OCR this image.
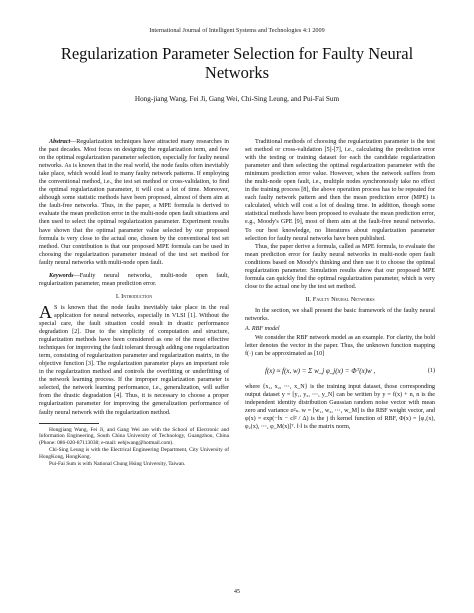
International Journal of Intelligent Systems and Technologies 4:1 2009
Regularization Parameter Selection for Faulty Neural Networks
Hong-jiang Wang, Fei Ji, Gang Wei, Chi-Sing Leung, and Pui-Fai Sum

Abstract—Regularization techniques have attracted many researches in the past decades. Most focus on designing the regularization term, and few on the optimal regularization parameter selection, especially for faulty neural networks. As is known that in the real world, the node faults often inevitably take place, which would lead to many faulty network patterns. If employing the conventional method, i.e., the test set method or cross-validation, to find the optimal regularization parameter, it will cost a lot of time. Moreover, although some statistic methods have been proposed, almost of them aim at the fault-free networks. Thus, in the paper, a MPE formula is derived to evaluate the mean prediction error in the multi-node open fault situations and then used to select the optimal regularization parameter. Experiment results have shown that the optimal parameter value selected by our proposed formula is very close to the actual one, chosen by the conventional test set method. Our contribution is that our proposed MPE formula can be used in choosing the regularization parameter instead of the test set method for faulty neural networks with multi-node open fault.

Keywords—Faulty neural networks, multi-node open fault, regularization parameter, mean prediction error.

I. Introduction

A S is known that the node faults inevitably take place in the real application for neural networks, especially in VLSI [1]. Without the special care, the fault situation could result in drastic performance degradation [2]. Due to the simplicity of computation and structure, regularization methods have been considered as one of the most effective techniques for improving the fault tolerant through adding one regularization term, consisting of regularization parameter and regularization matrix, in the objective function [3]. The regularization parameter plays an important role in the regularization method and controls the overfitting or underfitting of the network learning process. If the improper regularization parameter is selected, the network learning performance, i.e., generalization, will suffer from the drastic degradation [4]. Thus, it is necessary to choose a proper regularization parameter for improving the generalization performance of faulty neural network with the regularization method.

Hongjiang Wang, Fei Ji, and Gang Wei are with the School of Electronic and Information Engineering, South China University of Technology, Guangzhou, China (Phone: 086-020-87113038; e-mail: eehjwang@hotmail.com).

Chi-Sing Leung is with the Electrical Engineering Department, City University of HongKong, HongKong.

Pui-Fai Sum is with National Chung Hsing University, Taiwan.

Traditional methods of choosing the regularization parameter is the test set method or cross-validation [5]-[7], i.e., calculating the prediction error with the testing or training dataset for each the candidate regularization parameter and then selecting the optimal regularization parameter with the minimum prediction error value. However, when the network suffers from the multi-node open fault, i.e., multiple nodes synchronously take no effect in the training process [8], the above operation process has to be repeated for each faulty network pattern and then the mean prediction error (MPE) is calculated, which will cost a lot of dealing time. In addition, though some statistical methods have been proposed to evaluate the mean prediction error, e.g., Moody's GPE [9], most of them aim at the fault-free neural networks. To our best knowledge, no literatures about regularization parameter selection for faulty neural networks have been published.

Thus, the paper derive a formula, called as MPE formula, to evaluate the mean prediction error for faulty neural networks in multi-node open fault conditions based on Moody's thinking and then use it to choose the optimal regularization parameter. Simulation results show that our proposed MPE formula can quickly find the optimal regularization parameter, which is very close to the actual one by the test set method.

II. Faulty Neural Networks

In the section, we shall present the basic framework of the faulty neural networks.

A. RBF model

We consider the RBF network model as an example. For clarity, the bold letter denotes the vector in the paper. Thus, the unknown function mapping f(·) can be approximated as [10]

f(x) ≈ f(x, w) = Σ w_j φ_j(x) = Φᵀ(x)w ,	(1)

where {x₁, x₂, ⋯, x_N} is the training input dataset, those corresponding output dataset y = [y₁, y₂, ⋯, y_N] can be written by y = f(x) + n, n is the independent identity distribution Gaussian random noise vector with mean zero and variance σ²ₙ. w = [w₁, w₂, ⋯, w_M] is the RBF weight vector, and φ(x) = exp(−‖x − c‖² / Δ) is the j th kernel function of RBF, Φ(x) = [φ₁(x), φ₂(x), ⋯, φ_M(x)]ᵀ. ‖·‖ is the matrix norm,

45
